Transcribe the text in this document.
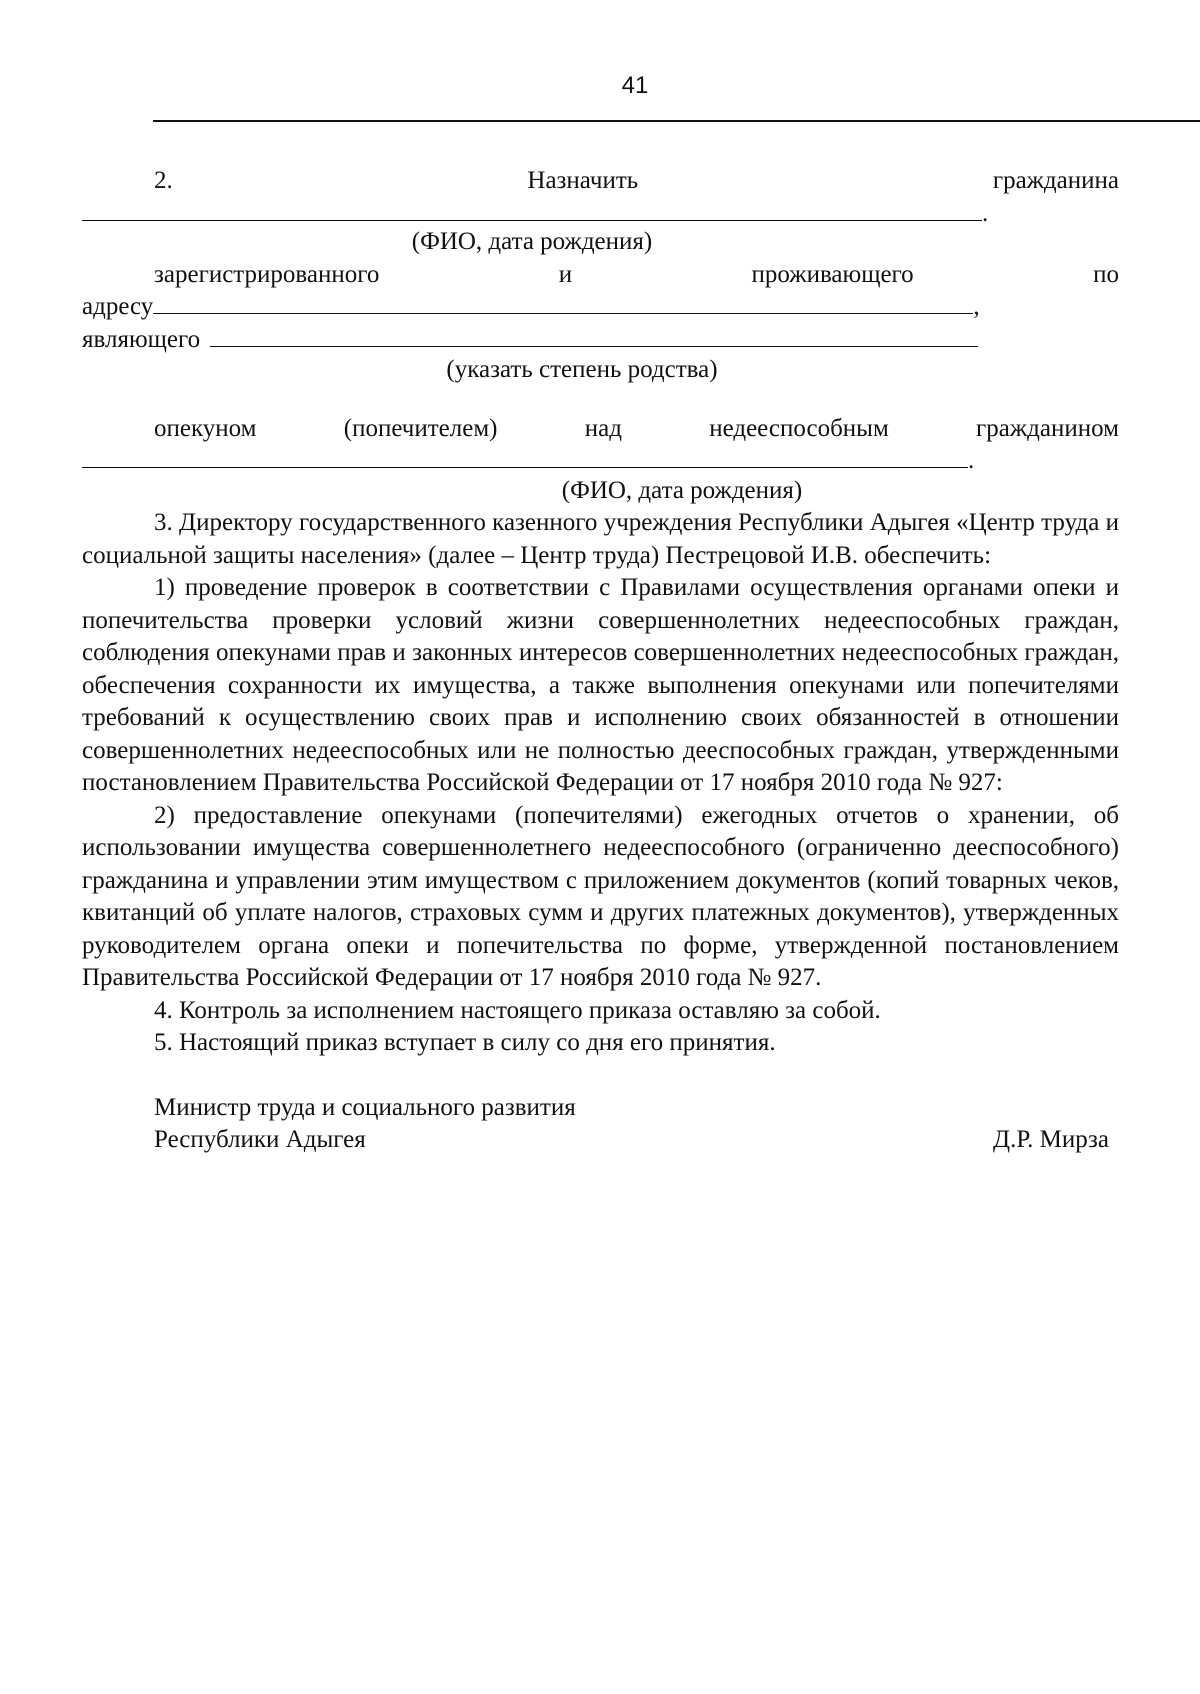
41
2.	Назначить	гражданина
.
(ФИО, дата рождения)
зарегистрированного	и	проживающего	по
адресу	,
являющего
(указать степень родства)
опекуном	(попечителем)	над	недееспособным	гражданином
.
(ФИО, дата рождения)
3. Директору государственного казенного учреждения Республики Адыгея «Центр труда и социальной защиты населения» (далее – Центр труда) Пестрецовой И.В. обеспечить:
1) проведение проверок в соответствии с Правилами осуществления органами опеки и попечительства проверки условий жизни совершеннолетних недееспособных граждан, соблюдения опекунами прав и законных интересов совершеннолетних недееспособных граждан, обеспечения сохранности их имущества, а также выполнения опекунами или попечителями требований к осуществлению своих прав и исполнению своих обязанностей в отношении совершеннолетних недееспособных или не полностью дееспособных граждан, утвержденными постановлением Правительства Российской Федерации от 17 ноября 2010 года № 927:
2) предоставление опекунами (попечителями) ежегодных отчетов о хранении, об использовании имущества совершеннолетнего недееспособного (ограниченно дееспособного) гражданина и управлении этим имуществом с приложением документов (копий товарных чеков, квитанций об уплате налогов, страховых сумм и других платежных документов), утвержденных руководителем органа опеки и попечительства по форме, утвержденной постановлением Правительства Российской Федерации от 17 ноября 2010 года № 927.
4. Контроль за исполнением настоящего приказа оставляю за собой.
5. Настоящий приказ вступает в силу со дня его принятия.
Министр труда и социального развития
Республики Адыгея	Д.Р. Мирза
